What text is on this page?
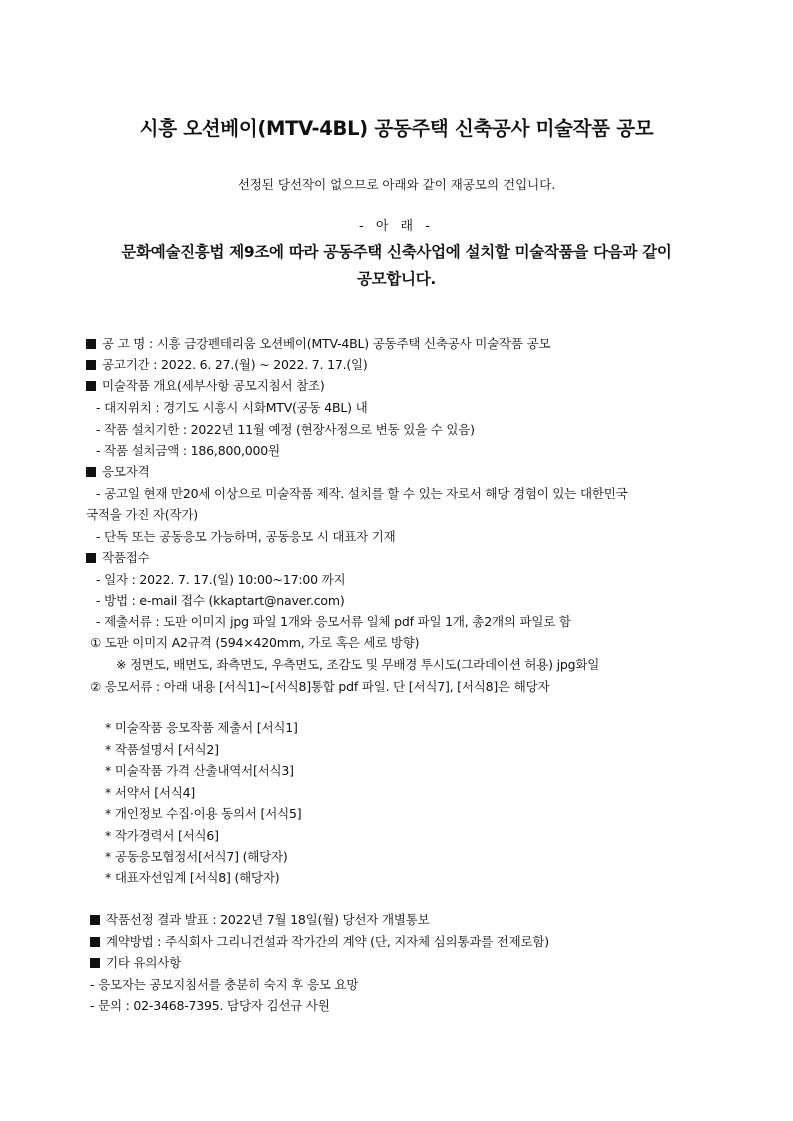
시흥 오션베이(MTV-4BL) 공동주택 신축공사 미술작품 공모
선정된 당선작이 없으므로 아래와 같이 재공모의 건입니다.
- 아 래 -
문화예술진흥법 제9조에 따라 공동주택 신축사업에 설치할 미술작품을 다음과 같이
공모합니다.
공 고 명 : 시흥 금강펜테리움 오션베이(MTV-4BL) 공동주택 신축공사 미술작품 공모
공고기간 : 2022. 6. 27.(월) ~ 2022. 7. 17.(일)
미술작품 개요(세부사항 공모지침서 참조)
- 대지위치 : 경기도 시흥시 시화MTV(공동 4BL) 내
- 작품 설치기한 : 2022년 11월 예정 (현장사정으로 변동 있을 수 있음)
- 작품 설치금액 : 186,800,000원
응모자격
- 공고일 현재 만20세 이상으로 미술작품 제작. 설치를 할 수 있는 자로서 해당 경험이 있는 대한민국
국적을 가진 자(작가)
- 단독 또는 공동응모 가능하며, 공동응모 시 대표자 기재
작품접수
- 일자 : 2022. 7. 17.(일) 10:00~17:00 까지
- 방법 : e-mail 접수 (kkaptart@naver.com)
- 제출서류 : 도판 이미지 jpg 파일 1개와 응모서류 일체 pdf 파일 1개, 총2개의 파일로 함
① 도판 이미지 A2규격 (594×420mm, 가로 혹은 세로 방향)
※ 정면도, 배면도, 좌측면도, 우측면도, 조감도 및 무배경 투시도(그라데이션 허용) jpg화일
② 응모서류 : 아래 내용 [서식1]~[서식8]통합 pdf 파일. 단 [서식7], [서식8]은 해당자
* 미술작품 응모작품 제출서 [서식1]
* 작품설명서 [서식2]
* 미술작품 가격 산출내역서[서식3]
* 서약서 [서식4]
* 개인정보 수집·이용 동의서 [서식5]
* 작가경력서 [서식6]
* 공동응모협정서[서식7] (해당자)
* 대표자선임계 [서식8] (해당자)
작품선정 결과 발표 : 2022년 7월 18일(월) 당선자 개별통보
계약방법 : 주식회사 그리니건설과 작가간의 계약 (단, 지자체 심의통과를 전제로함)
기타 유의사항
- 응모자는 공모지침서를 충분히 숙지 후 응모 요망
- 문의 : 02-3468-7395. 담당자 김선규 사원
